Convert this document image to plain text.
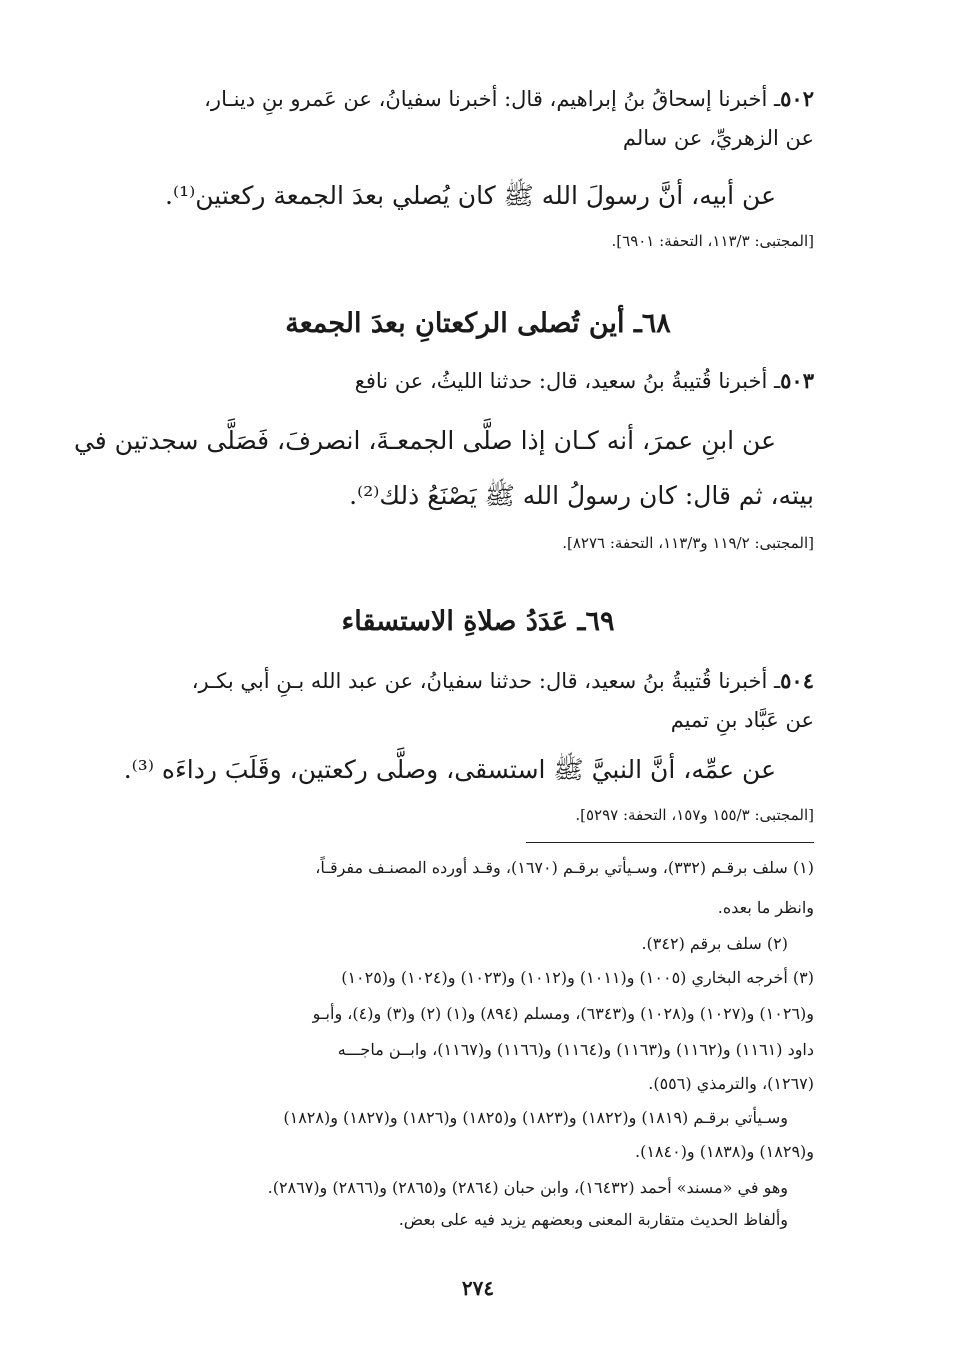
٥٠٢ـ أخبرنا إسحاقُ بنُ إبراهيم، قال: أخبرنا سفيانُ، عن عَمرو بنِ دينـار،
عن الزهريِّ، عن سالم
عن أبيه، أنَّ رسولَ الله ﷺ كان يُصلي بعدَ الجمعة ركعتين⁽¹⁾.
[المجتبى: ١١٣/٣، التحفة: ٦٩٠١].
٦٨ـ أين تُصلى الركعتانِ بعدَ الجمعة
٥٠٣ـ أخبرنا قُتيبةُ بنُ سعيد، قال: حدثنا الليثُ، عن نافع
عن ابنِ عمرَ، أنه كـان إذا صلَّى الجمعـةَ، انصرفَ، فَصَلَّى سجدتين في
بيته، ثم قال: كان رسولُ الله ﷺ يَصْنَعُ ذلك⁽²⁾.
[المجتبى: ١١٩/٢ و١١٣/٣، التحفة: ٨٢٧٦].
٦٩ـ عَدَدُ صلاةِ الاستسقاء
٥٠٤ـ أخبرنا قُتيبةُ بنُ سعيد، قال: حدثنا سفيانُ، عن عبد الله بـنِ أبي بكـر،
عن عَبَّاد بنِ تميم
عن عمِّه، أنَّ النبيَّ ﷺ استسقى، وصلَّى ركعتين، وقَلَبَ رداءَه ⁽³⁾.
[المجتبى: ١٥٥/٣ و١٥٧، التحفة: ٥٢٩٧].
(١) سلف برقـم (٣٣٢)، وسـيأتي برقـم (١٦٧٠)، وقـد أورده المصنـف مفرقـاً،
وانظر ما بعده.
(٢) سلف برقم (٣٤٢).
(٣) أخرجه البخاري (١٠٠٥) و(١٠١١) و(١٠١٢) و(١٠٢٣) و(١٠٢٤) و(١٠٢٥)
و(١٠٢٦) و(١٠٢٧) و(١٠٢٨) و(٦٣٤٣)، ومسلم (٨٩٤) و(١) (٢) و(٣) و(٤)، وأبـو
داود (١١٦١) و(١١٦٢) و(١١٦٣) و(١١٦٤) و(١١٦٦) و(١١٦٧)، وابــن ماجـــه
(١٢٦٧)، والترمذي (٥٥٦).
وسـيأتي برقـم (١٨١٩) و(١٨٢٢) و(١٨٢٣) و(١٨٢٥) و(١٨٢٦) و(١٨٢٧) و(١٨٢٨)
و(١٨٢٩) و(١٨٣٨) و(١٨٤٠).
وهو في «مسند» أحمد (١٦٤٣٢)، وابن حبان (٢٨٦٤) و(٢٨٦٥) و(٢٨٦٦) و(٢٨٦٧).
وألفاظ الحديث متقاربة المعنى وبعضهم يزيد فيه على بعض.
٢٧٤
